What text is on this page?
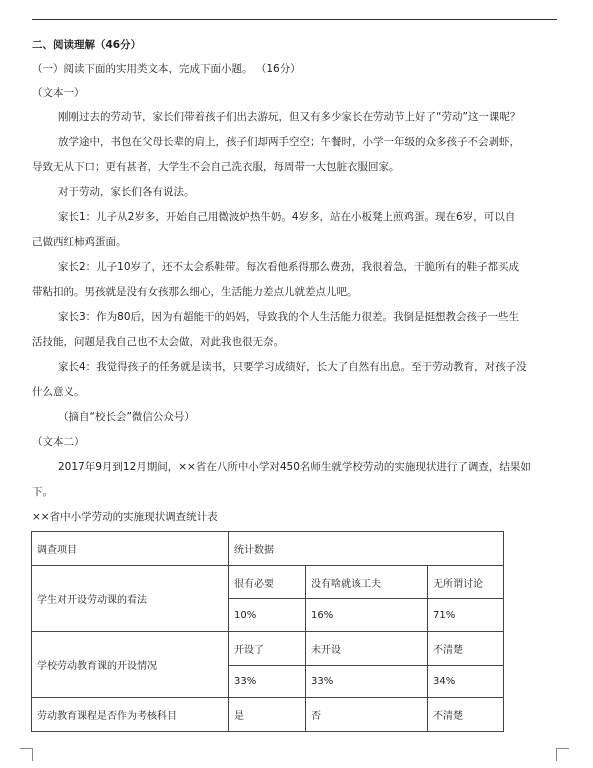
二、阅读理解（46分）
（一）阅读下面的实用类文本，完成下面小题。 （16分）
（文本一）
刚刚过去的劳动节，家长们带着孩子们出去游玩，但又有多少家长在劳动节上好了“劳动”这一课呢？
放学途中，书包在父母长辈的肩上，孩子们却两手空空；午餐时，小学一年级的众多孩子不会剥虾，
导致无从下口；更有甚者，大学生不会自己洗衣服，每周带一大包脏衣服回家。
对于劳动，家长们各有说法。
家长1：儿子从2岁多，开始自己用微波炉热牛奶。4岁多，站在小板凳上煎鸡蛋。现在6岁，可以自
己做西红柿鸡蛋面。
家长2：儿子10岁了，还不太会系鞋带。每次看他系得那么费劲，我很着急，干脆所有的鞋子都买成
带粘扣的。男孩就是没有女孩那么细心，生活能力差点儿就差点儿吧。
家长3：作为80后，因为有超能干的妈妈，导致我的个人生活能力很差。我倒是挺想教会孩子一些生
活技能，问题是我自己也不太会做，对此我也很无奈。
家长4：我觉得孩子的任务就是读书，只要学习成绩好，长大了自然有出息。至于劳动教育，对孩子没
什么意义。
（摘自“校长会”微信公众号）
（文本二）
2017年9月到12月期间，××省在八所中小学对450名师生就学校劳动的实施现状进行了调查，结果如
下。
××省中小学劳动的实施现状调查统计表
调查项目	统计数据		
学生对开设劳动课的看法	很有必要	没有啥就该工夫	无所谓讨论
	10%	16%	71%
学校劳动教育课的开设情况	开设了	未开设	不清楚
	33%	33%	34%
劳动教育课程是否作为考核科目	是	否	不清楚
